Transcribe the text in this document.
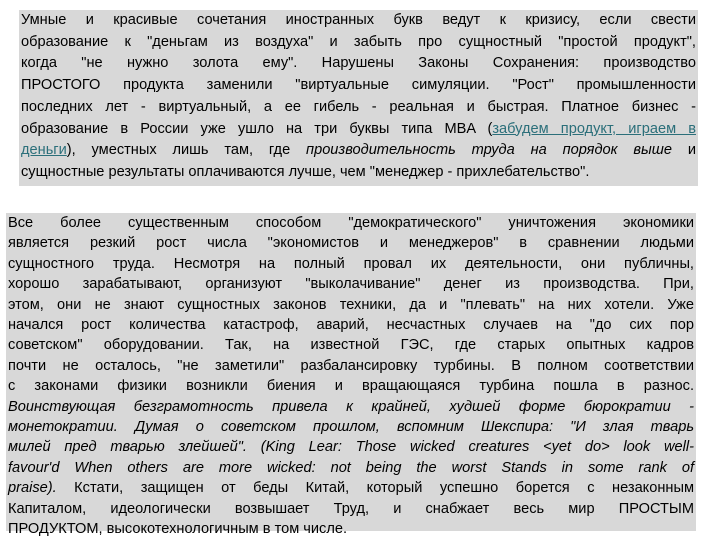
Умные и красивые сочетания иностранных букв ведут к кризису, если свести
образование к "деньгам из воздуха" и забыть про сущностный "простой продукт",
когда "не нужно золота ему". Нарушены Законы Сохранения: производство
ПРОСТОГО продукта заменили "виртуальные симуляции. "Рост" промышленности
последних лет - виртуальный, а ее гибель - реальная и быстрая. Платное бизнес -
образование в России уже ушло на три буквы типа MBA (забудем продукт, играем в
деньги), уместных лишь там, где производительность труда на порядок выше и
сущностные результаты оплачиваются лучше, чем "менеджер - прихлебательство".
Все более существенным способом "демократического" уничтожения экономики
является резкий рост числа "экономистов и менеджеров" в сравнении людьми
сущностного труда. Несмотря на полный провал их деятельности, они публичны,
хорошо зарабатывают, организуют "выколачивание" денег из производства. При,
этом, они не знают сущностных законов техники, да и "плевать" на них хотели. Уже
начался рост количества катастроф, аварий, несчастных случаев на "до сих пор
советском" оборудовании. Так, на известной ГЭС, где старых опытных кадров
почти не осталось, "не заметили" разбалансировку турбины. В полном соответствии
с законами физики возникли биения и вращающаяся турбина пошла в разнос.
Воинствующая безграмотность привела к крайней, худшей форме бюрократии -
монетократии. Думая о советском прошлом, вспомним Шекспира: "И злая тварь
милей пред тварью злейшей". (King Lear: Those wicked creatures <yet do> look well-
favour'd When others are more wicked: not being the worst Stands in some rank of
praise). Кстати, защищен от беды Китай, который успешно борется с незаконным
Капиталом, идеологически возвышает Труд, и снабжает весь мир ПРОСТЫМ
ПРОДУКТОМ, высокотехнологичным в том числе.
